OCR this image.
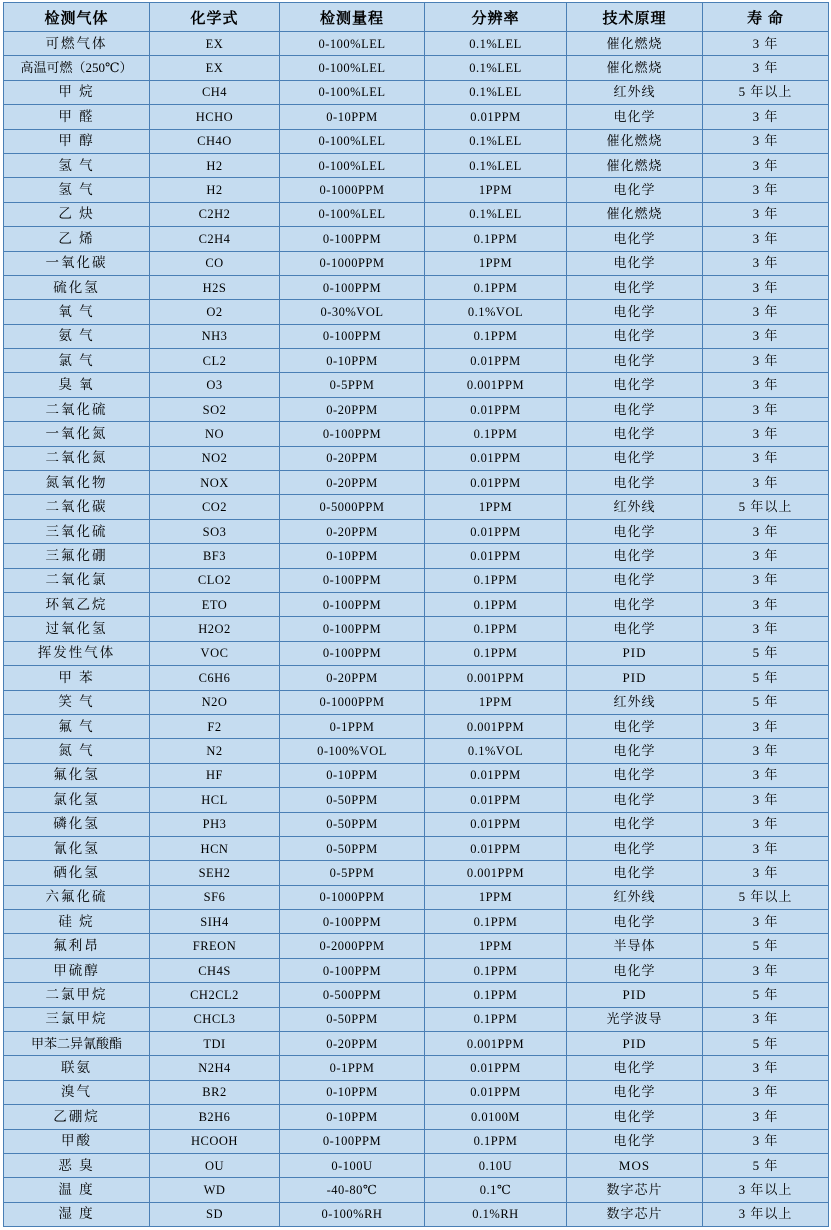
检测气体	化学式	检测量程	分辨率	技术原理	寿 命
可燃气体	EX	0-100%LEL	0.1%LEL	催化燃烧	3 年
高温可燃（250℃）	EX	0-100%LEL	0.1%LEL	催化燃烧	3 年
甲 烷	CH4	0-100%LEL	0.1%LEL	红外线	5 年以上
甲 醛	HCHO	0-10PPM	0.01PPM	电化学	3 年
甲 醇	CH4O	0-100%LEL	0.1%LEL	催化燃烧	3 年
氢 气	H2	0-100%LEL	0.1%LEL	催化燃烧	3 年
氢 气	H2	0-1000PPM	1PPM	电化学	3 年
乙 炔	C2H2	0-100%LEL	0.1%LEL	催化燃烧	3 年
乙 烯	C2H4	0-100PPM	0.1PPM	电化学	3 年
一氧化碳	CO	0-1000PPM	1PPM	电化学	3 年
硫化氢	H2S	0-100PPM	0.1PPM	电化学	3 年
氧 气	O2	0-30%VOL	0.1%VOL	电化学	3 年
氨 气	NH3	0-100PPM	0.1PPM	电化学	3 年
氯 气	CL2	0-10PPM	0.01PPM	电化学	3 年
臭 氧	O3	0-5PPM	0.001PPM	电化学	3 年
二氧化硫	SO2	0-20PPM	0.01PPM	电化学	3 年
一氧化氮	NO	0-100PPM	0.1PPM	电化学	3 年
二氧化氮	NO2	0-20PPM	0.01PPM	电化学	3 年
氮氧化物	NOX	0-20PPM	0.01PPM	电化学	3 年
二氧化碳	CO2	0-5000PPM	1PPM	红外线	5 年以上
三氧化硫	SO3	0-20PPM	0.01PPM	电化学	3 年
三氟化硼	BF3	0-10PPM	0.01PPM	电化学	3 年
二氧化氯	CLO2	0-100PPM	0.1PPM	电化学	3 年
环氧乙烷	ETO	0-100PPM	0.1PPM	电化学	3 年
过氧化氢	H2O2	0-100PPM	0.1PPM	电化学	3 年
挥发性气体	VOC	0-100PPM	0.1PPM	PID	5 年
甲 苯	C6H6	0-20PPM	0.001PPM	PID	5 年
笑 气	N2O	0-1000PPM	1PPM	红外线	5 年
氟 气	F2	0-1PPM	0.001PPM	电化学	3 年
氮 气	N2	0-100%VOL	0.1%VOL	电化学	3 年
氟化氢	HF	0-10PPM	0.01PPM	电化学	3 年
氯化氢	HCL	0-50PPM	0.01PPM	电化学	3 年
磷化氢	PH3	0-50PPM	0.01PPM	电化学	3 年
氰化氢	HCN	0-50PPM	0.01PPM	电化学	3 年
硒化氢	SEH2	0-5PPM	0.001PPM	电化学	3 年
六氟化硫	SF6	0-1000PPM	1PPM	红外线	5 年以上
硅 烷	SIH4	0-100PPM	0.1PPM	电化学	3 年
氟利昂	FREON	0-2000PPM	1PPM	半导体	5 年
甲硫醇	CH4S	0-100PPM	0.1PPM	电化学	3 年
二氯甲烷	CH2CL2	0-500PPM	0.1PPM	PID	5 年
三氯甲烷	CHCL3	0-50PPM	0.1PPM	光学波导	3 年
甲苯二异氰酸酯	TDI	0-20PPM	0.001PPM	PID	5 年
联氨	N2H4	0-1PPM	0.01PPM	电化学	3 年
溴气	BR2	0-10PPM	0.01PPM	电化学	3 年
乙硼烷	B2H6	0-10PPM	0.0100M	电化学	3 年
甲酸	HCOOH	0-100PPM	0.1PPM	电化学	3 年
恶 臭	OU	0-100U	0.10U	MOS	5 年
温 度	WD	-40-80℃	0.1℃	数字芯片	3 年以上
湿 度	SD	0-100%RH	0.1%RH	数字芯片	3 年以上
